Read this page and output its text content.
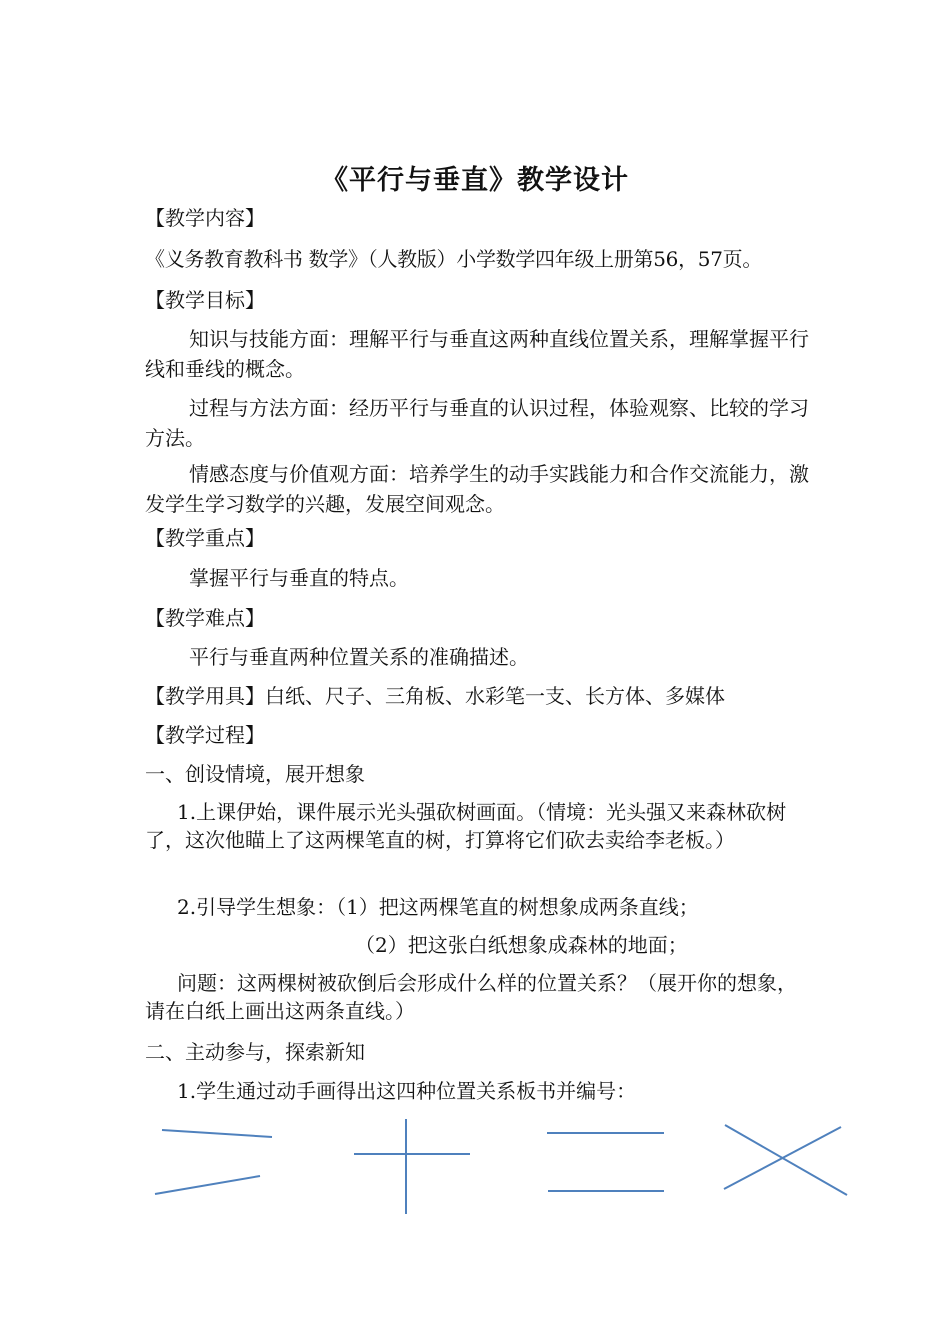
《平行与垂直》教学设计
【教学内容】
《义务教育教科书 数学》（人教版）小学数学四年级上册第56，57页。
【教学目标】
知识与技能方面：理解平行与垂直这两种直线位置关系，理解掌握平行线和垂线的概念。
过程与方法方面：经历平行与垂直的认识过程，体验观察、比较的学习方法。
情感态度与价值观方面：培养学生的动手实践能力和合作交流能力，激发学生学习数学的兴趣，发展空间观念。
【教学重点】
掌握平行与垂直的特点。
【教学难点】
平行与垂直两种位置关系的准确描述。
【教学用具】白纸、尺子、三角板、水彩笔一支、长方体、多媒体
【教学过程】
一、创设情境，展开想象
1.上课伊始，课件展示光头强砍树画面。（情境：光头强又来森林砍树了，这次他瞄上了这两棵笔直的树，打算将它们砍去卖给李老板。）
2.引导学生想象：（1）把这两棵笔直的树想象成两条直线；
（2）把这张白纸想象成森林的地面；
问题：这两棵树被砍倒后会形成什么样的位置关系？（展开你的想象，请在白纸上画出这两条直线。）
二、主动参与，探索新知
1.学生通过动手画得出这四种位置关系板书并编号：
